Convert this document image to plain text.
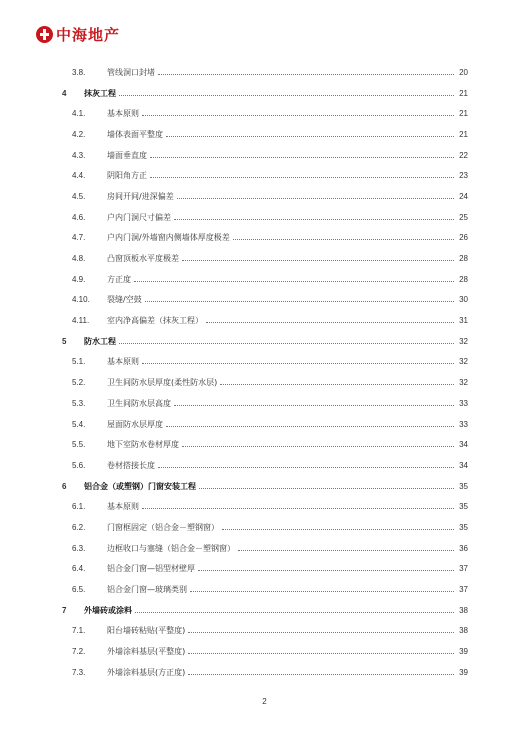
中海地产
3.8.	管线洞口封堵	20
4	抹灰工程	21
4.1.	基本原则	21
4.2.	墙体表面平整度	21
4.3.	墙面垂直度	22
4.4.	阴阳角方正	23
4.5.	房间开间/进深偏差	24
4.6.	户内门洞尺寸偏差	25
4.7.	户内门洞/外墙窗内侧墙体厚度极差	26
4.8.	凸窗顶板水平度极差	28
4.9.	方正度	28
4.10.	裂缝/空鼓	30
4.11.	室内净高偏差（抹灰工程）	31
5	防水工程	32
5.1.	基本原则	32
5.2.	卫生间防水层厚度(柔性防水层)	32
5.3.	卫生间防水层高度	33
5.4.	屋面防水层厚度	33
5.5.	地下室防水卷材厚度	34
5.6.	卷材搭接长度	34
6	铝合金（或塑钢）门窗安装工程	35
6.1.	基本原则	35
6.2.	门窗框固定（铝合金－塑钢窗）	35
6.3.	边框收口与塞缝（铝合金－塑钢窗）	36
6.4.	铝合金门窗—铝型材壁厚	37
6.5.	铝合金门窗—玻璃类别	37
7	外墙砖或涂料	38
7.1.	阳台墙砖粘贴(平整度)	38
7.2.	外墙涂料基层(平整度)	39
7.3.	外墙涂料基层(方正度)	39
2
